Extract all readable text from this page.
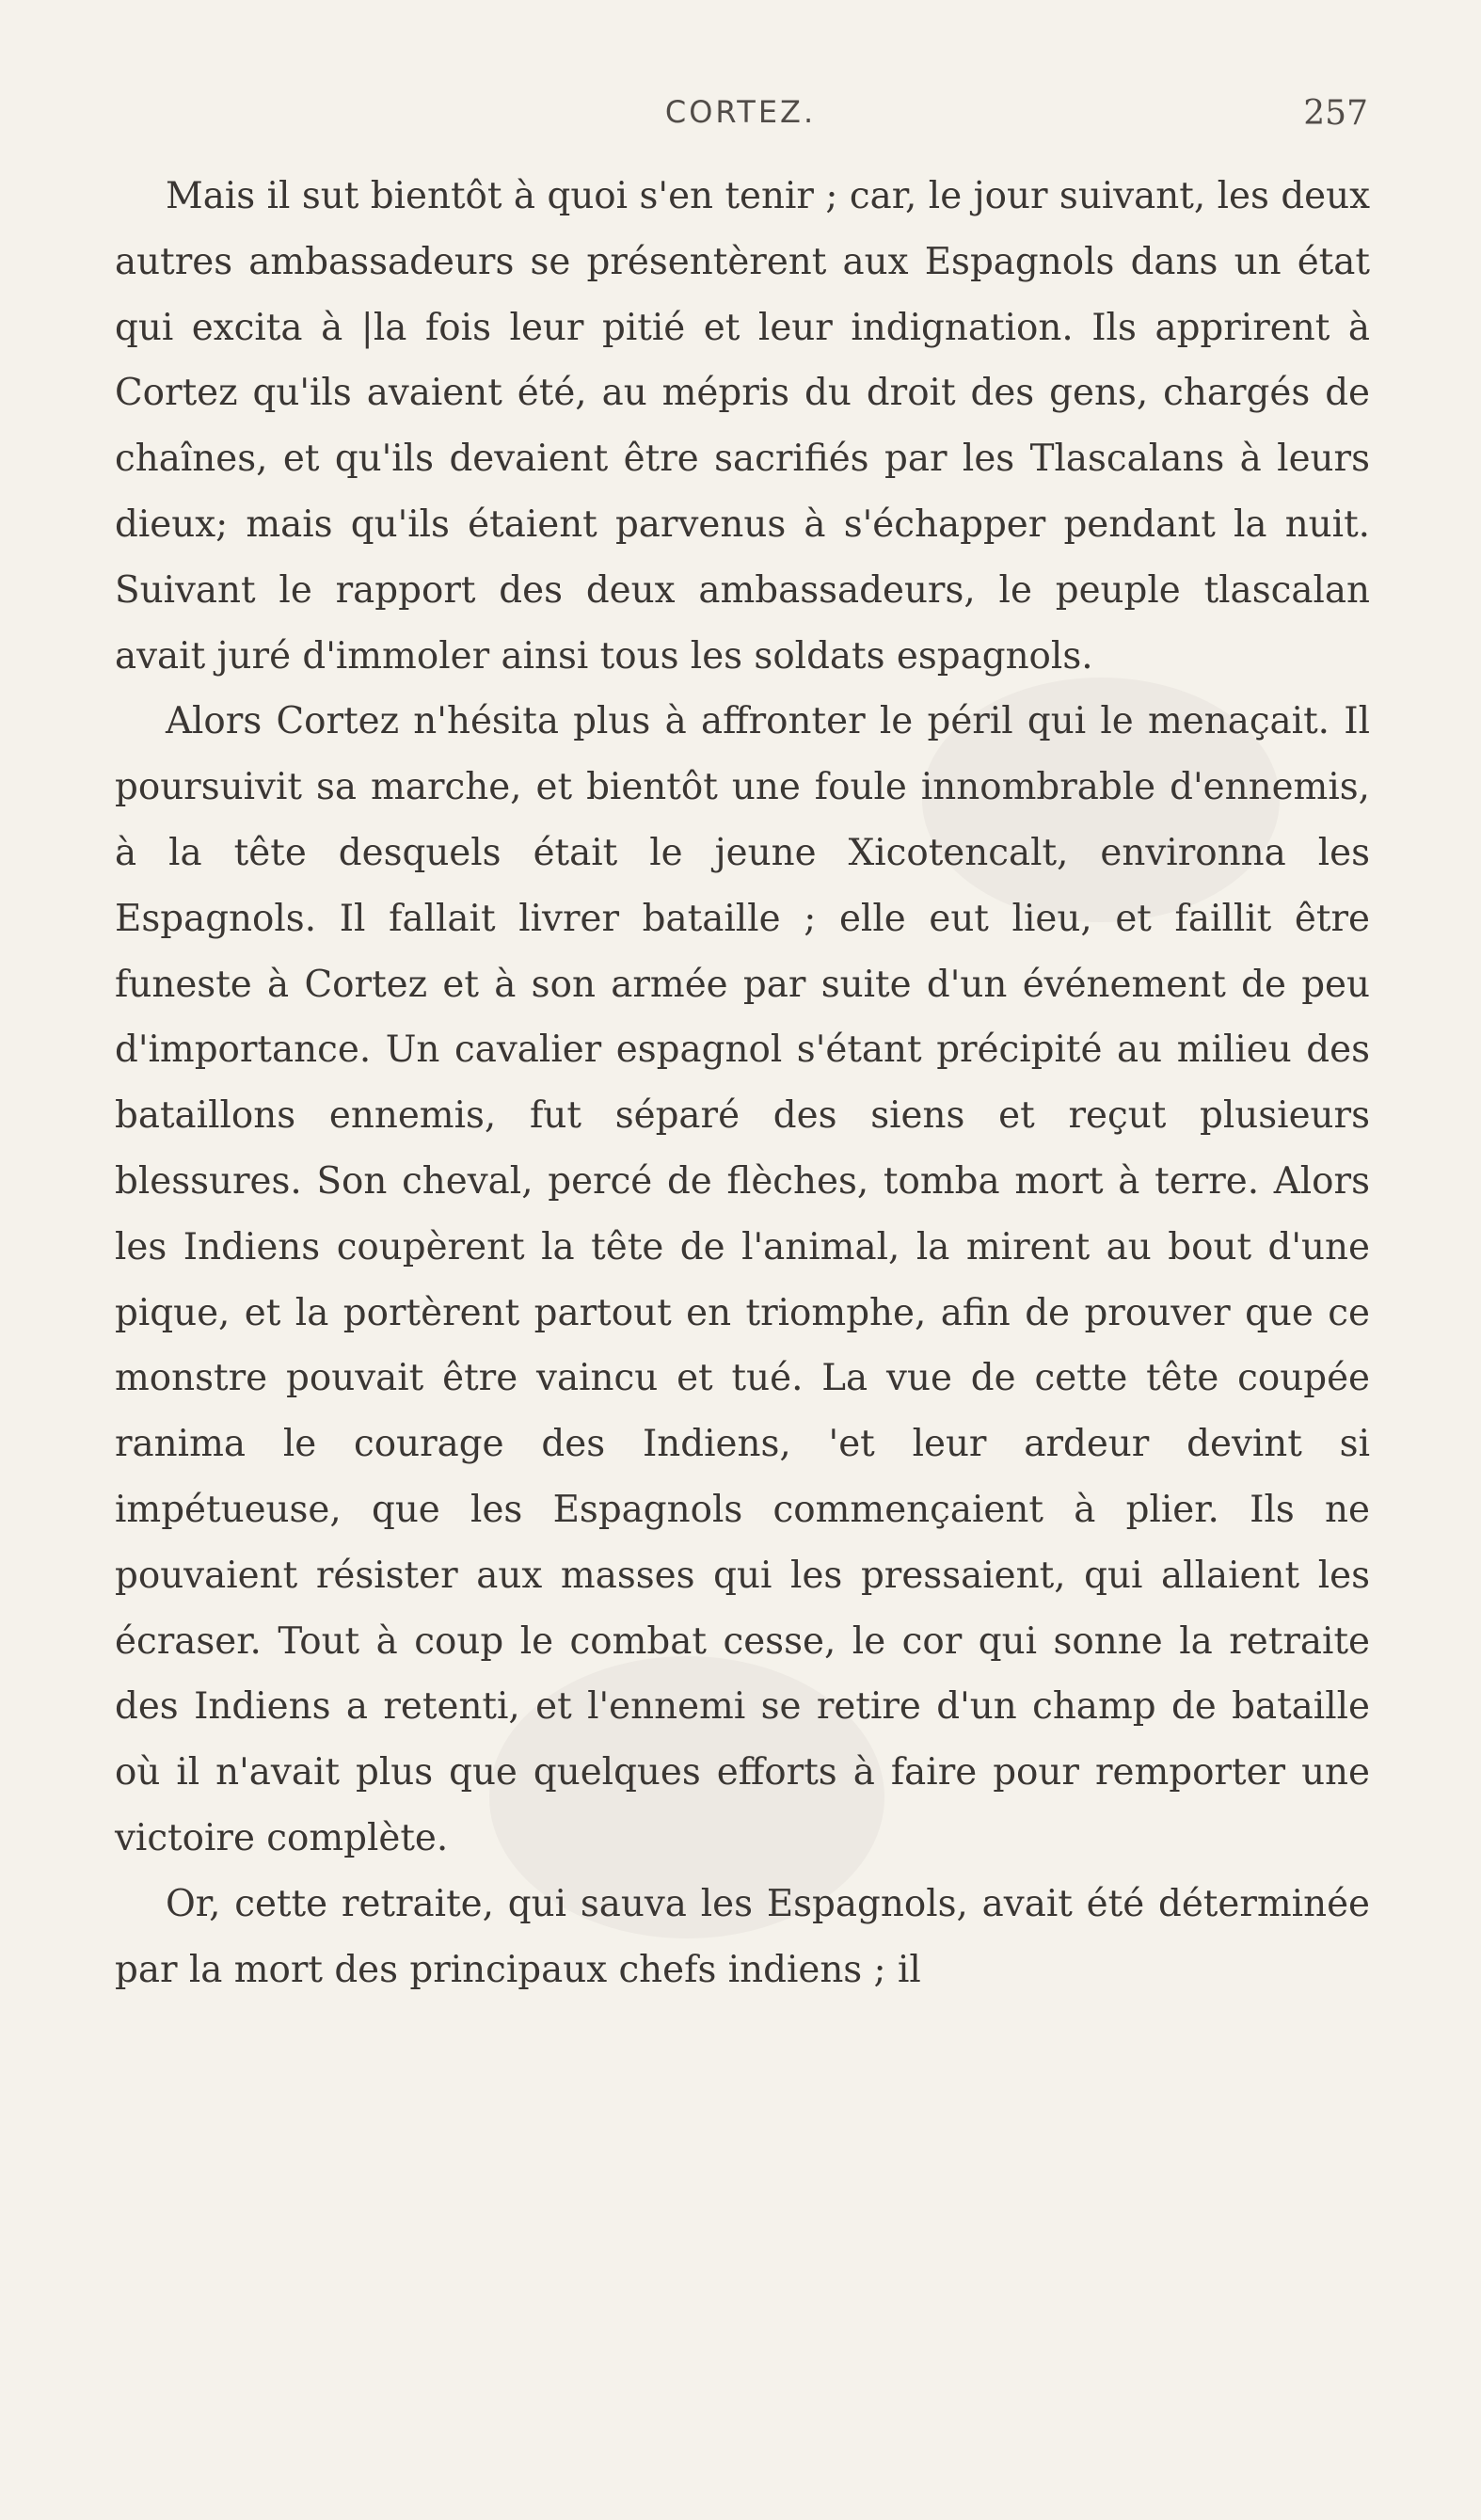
CORTEZ.	257

Mais il sut bientôt à quoi s'en tenir ; car, le jour suivant, les deux autres ambassadeurs se présentèrent aux Espagnols dans un état qui excita à |la fois leur pitié et leur indignation. Ils apprirent à Cortez qu'ils avaient été, au mépris du droit des gens, chargés de chaînes, et qu'ils devaient être sacrifiés par les Tlascalans à leurs dieux; mais qu'ils étaient parvenus à s'échapper pendant la nuit. Suivant le rapport des deux ambassadeurs, le peuple tlascalan avait juré d'immoler ainsi tous les soldats espagnols.

Alors Cortez n'hésita plus à affronter le péril qui le menaçait. Il poursuivit sa marche, et bientôt une foule innombrable d'ennemis, à la tête desquels était le jeune Xicotencalt, environna les Espagnols. Il fallait livrer bataille ; elle eut lieu, et faillit être funeste à Cortez et à son armée par suite d'un événement de peu d'importance. Un cavalier espagnol s'étant précipité au milieu des bataillons ennemis, fut séparé des siens et reçut plusieurs blessures. Son cheval, percé de flèches, tomba mort à terre. Alors les Indiens coupèrent la tête de l'animal, la mirent au bout d'une pique, et la portèrent partout en triomphe, afin de prouver que ce monstre pouvait être vaincu et tué. La vue de cette tête coupée ranima le courage des Indiens, 'et leur ardeur devint si impétueuse, que les Espagnols commençaient à plier. Ils ne pouvaient résister aux masses qui les pressaient, qui allaient les écraser. Tout à coup le combat cesse, le cor qui sonne la retraite des Indiens a retenti, et l'ennemi se retire d'un champ de bataille où il n'avait plus que quelques efforts à faire pour remporter une victoire complète.

Or, cette retraite, qui sauva les Espagnols, avait été déterminée par la mort des principaux chefs indiens ; il
